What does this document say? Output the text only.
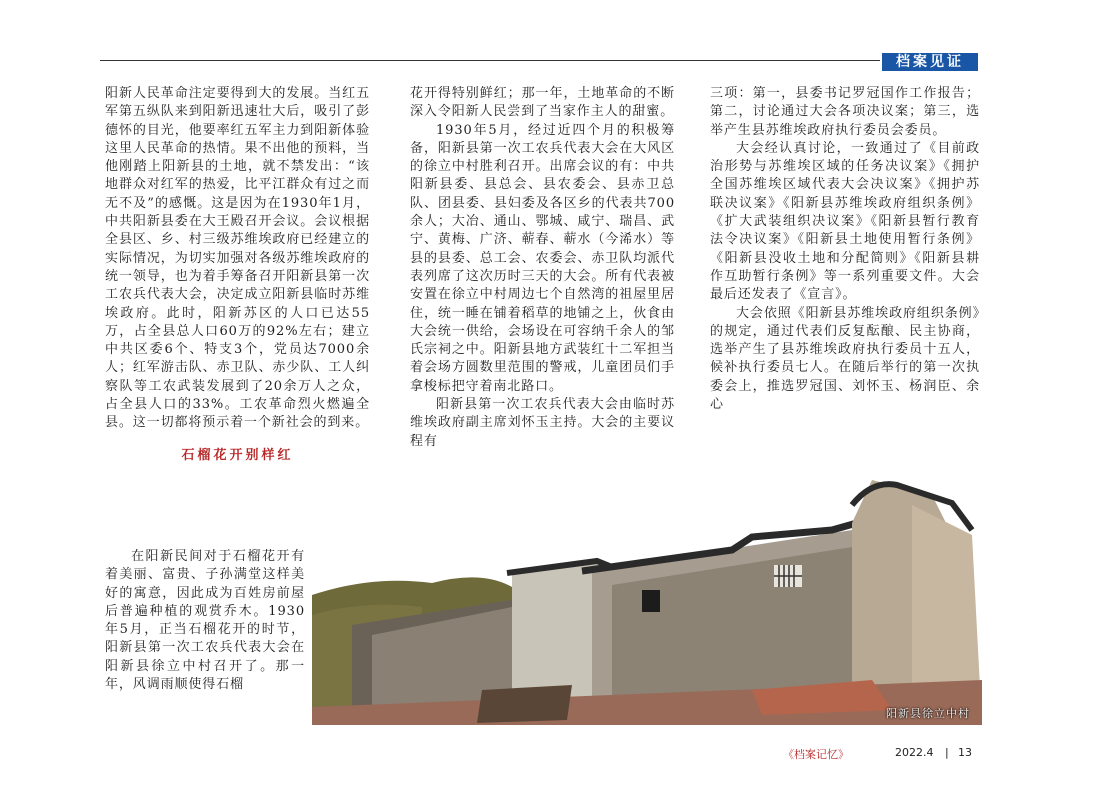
档案见证

阳新人民革命注定要得到大的发展。当红五军第五纵队来到阳新迅速壮大后，吸引了彭德怀的目光，他要率红五军主力到阳新体验这里人民革命的热情。果不出他的预料，当他刚踏上阳新县的土地，就不禁发出：“该地群众对红军的热爱，比平江群众有过之而无不及”的感慨。这是因为在1930年1月，中共阳新县委在大王殿召开会议。会议根据全县区、乡、村三级苏维埃政府已经建立的实际情况，为切实加强对各级苏维埃政府的统一领导，也为着手筹备召开阳新县第一次工农兵代表大会，决定成立阳新县临时苏维埃政府。此时，阳新苏区的人口已达55万，占全县总人口60万的92%左右；建立中共区委6个、特支3个，党员达7000余人；红军游击队、赤卫队、赤少队、工人纠察队等工农武装发展到了20余万人之众，占全县人口的33%。工农革命烈火燃遍全县。这一切都将预示着一个新社会的到来。

石榴花开别样红

在阳新民间对于石榴花开有着美丽、富贵、子孙满堂这样美好的寓意，因此成为百姓房前屋后普遍种植的观赏乔木。1930年5月，正当石榴花开的时节，阳新县第一次工农兵代表大会在阳新县徐立中村召开了。那一年，风调雨顺使得石榴

花开得特别鲜红；那一年，土地革命的不断深入令阳新人民尝到了当家作主人的甜蜜。

1930年5月，经过近四个月的积极筹备，阳新县第一次工农兵代表大会在大风区的徐立中村胜利召开。出席会议的有：中共阳新县委、县总会、县农委会、县赤卫总队、团县委、县妇委及各区乡的代表共700余人；大冶、通山、鄂城、咸宁、瑞昌、武宁、黄梅、广济、蕲春、蕲水（今浠水）等县的县委、总工会、农委会、赤卫队均派代表列席了这次历时三天的大会。所有代表被安置在徐立中村周边七个自然湾的祖屋里居住，统一睡在铺着稻草的地铺之上，伙食由大会统一供给，会场设在可容纳千余人的邹氏宗祠之中。阳新县地方武装红十二军担当着会场方圆数里范围的警戒，儿童团员们手拿梭标把守着南北路口。

阳新县第一次工农兵代表大会由临时苏维埃政府副主席刘怀玉主持。大会的主要议程有

三项：第一，县委书记罗冠国作工作报告；第二，讨论通过大会各项决议案；第三，选举产生县苏维埃政府执行委员会委员。

大会经认真讨论，一致通过了《目前政治形势与苏维埃区域的任务决议案》《拥护全国苏维埃区域代表大会决议案》《拥护苏联决议案》《阳新县苏维埃政府组织条例》《扩大武装组织决议案》《阳新县暂行教育法令决议案》《阳新县土地使用暂行条例》《阳新县没收土地和分配简则》《阳新县耕作互助暂行条例》等一系列重要文件。大会最后还发表了《宣言》。

大会依照《阳新县苏维埃政府组织条例》的规定，通过代表们反复酝酿、民主协商，选举产生了县苏维埃政府执行委员十五人，候补执行委员七人。在随后举行的第一次执委会上，推选罗冠国、刘怀玉、杨润臣、余心

阳新县徐立中村
《档案记忆》	2022.4 | 13
